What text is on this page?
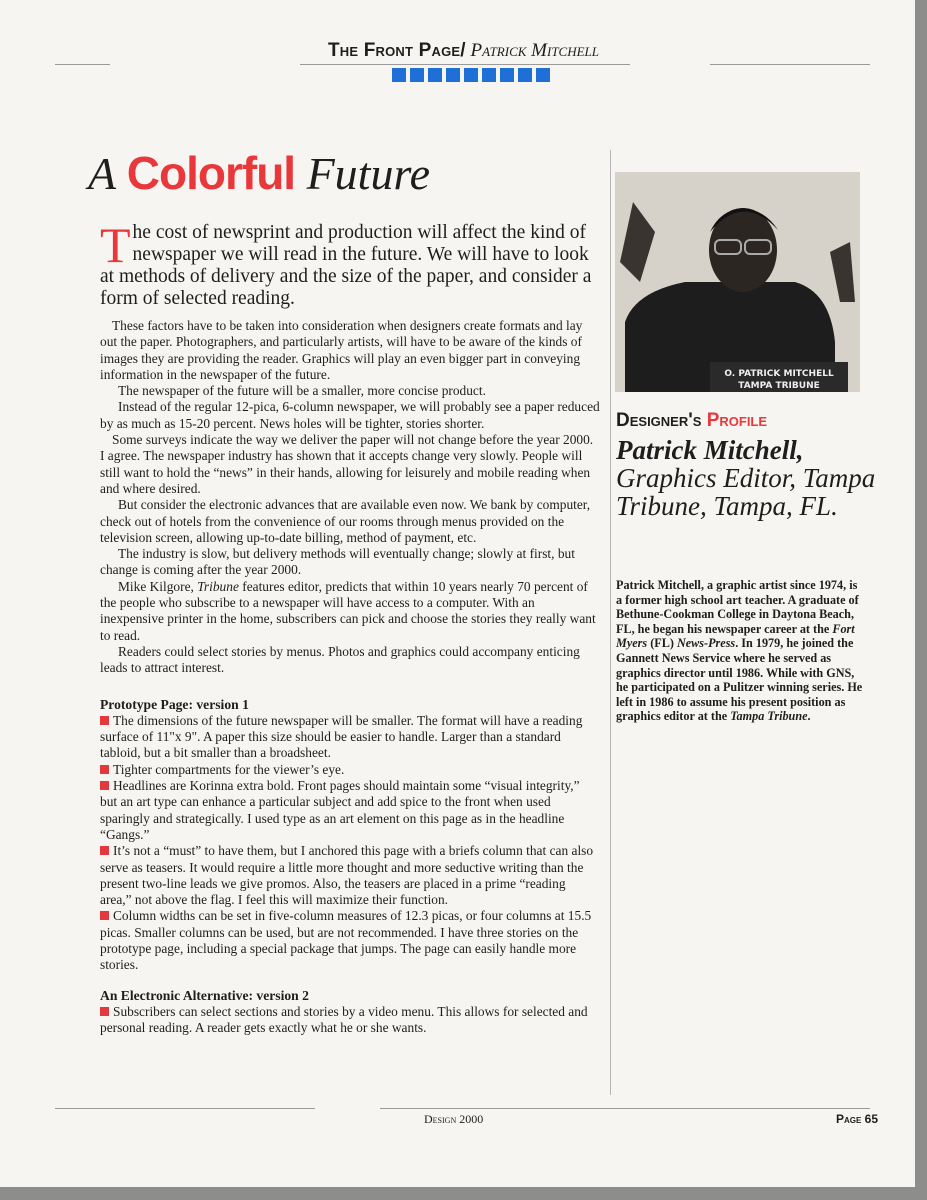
The Front Page/ Patrick Mitchell
A Colorful Future
The cost of newsprint and production will affect the kind of newspaper we will read in the future. We will have to look at methods of delivery and the size of the paper, and consider a form of selected reading.

These factors have to be taken into consideration when designers create formats and lay out the paper. Photographers, and particularly artists, will have to be aware of the kinds of images they are providing the reader. Graphics will play an even bigger part in conveying information in the newspaper of the future.

The newspaper of the future will be a smaller, more concise product.

Instead of the regular 12-pica, 6-column newspaper, we will probably see a paper reduced by as much as 15-20 percent. News holes will be tighter, stories shorter.

Some surveys indicate the way we deliver the paper will not change before the year 2000. I agree. The newspaper industry has shown that it accepts change very slowly. People will still want to hold the “news” in their hands, allowing for leisurely and mobile reading when and where desired.

But consider the electronic advances that are available even now. We bank by computer, check out of hotels from the convenience of our rooms through menus provided on the television screen, allowing up-to-date billing, method of payment, etc.

The industry is slow, but delivery methods will eventually change; slowly at first, but change is coming after the year 2000.

Mike Kilgore, Tribune features editor, predicts that within 10 years nearly 70 percent of the people who subscribe to a newspaper will have access to a computer. With an inexpensive printer in the home, subscribers can pick and choose the stories they really want to read.

Readers could select stories by menus. Photos and graphics could accompany enticing leads to attract interest.

Prototype Page: version 1

The dimensions of the future newspaper will be smaller. The format will have a reading surface of 11"x 9". A paper this size should be easier to handle. Larger than a standard tabloid, but a bit smaller than a broadsheet.

Tighter compartments for the viewer’s eye.

Headlines are Korinna extra bold. Front pages should maintain some “visual integrity,” but an art type can enhance a particular subject and add spice to the front when used sparingly and strategically. I used type as an art element on this page as in the headline “Gangs.”

It’s not a “must” to have them, but I anchored this page with a briefs column that can also serve as teasers. It would require a little more thought and more seductive writing than the present two-line leads we give promos. Also, the teasers are placed in a prime “reading area,” not above the flag. I feel this will maximize their function.

Column widths can be set in five-column measures of 12.3 picas, or four columns at 15.5 picas. Smaller columns can be used, but are not recommended. I have three stories on the prototype page, including a special package that jumps. The page can easily handle more stories.

An Electronic Alternative: version 2

Subscribers can select sections and stories by a video menu. This allows for selected and personal reading. A reader gets exactly what he or she wants.

O. PATRICK MITCHELL
TAMPA TRIBUNE
Designer's Profile
Patrick Mitchell,
Graphics Editor, Tampa Tribune, Tampa, FL.
Patrick Mitchell, a graphic artist since 1974, is a former high school art teacher. A graduate of Bethune-Cookman College in Daytona Beach, FL, he began his newspaper career at the Fort Myers (FL) News-Press. In 1979, he joined the Gannett News Service where he served as graphics director until 1986. While with GNS, he participated on a Pulitzer winning series. He left in 1986 to assume his present position as graphics editor at the Tampa Tribune.
Design 2000	Page 65
